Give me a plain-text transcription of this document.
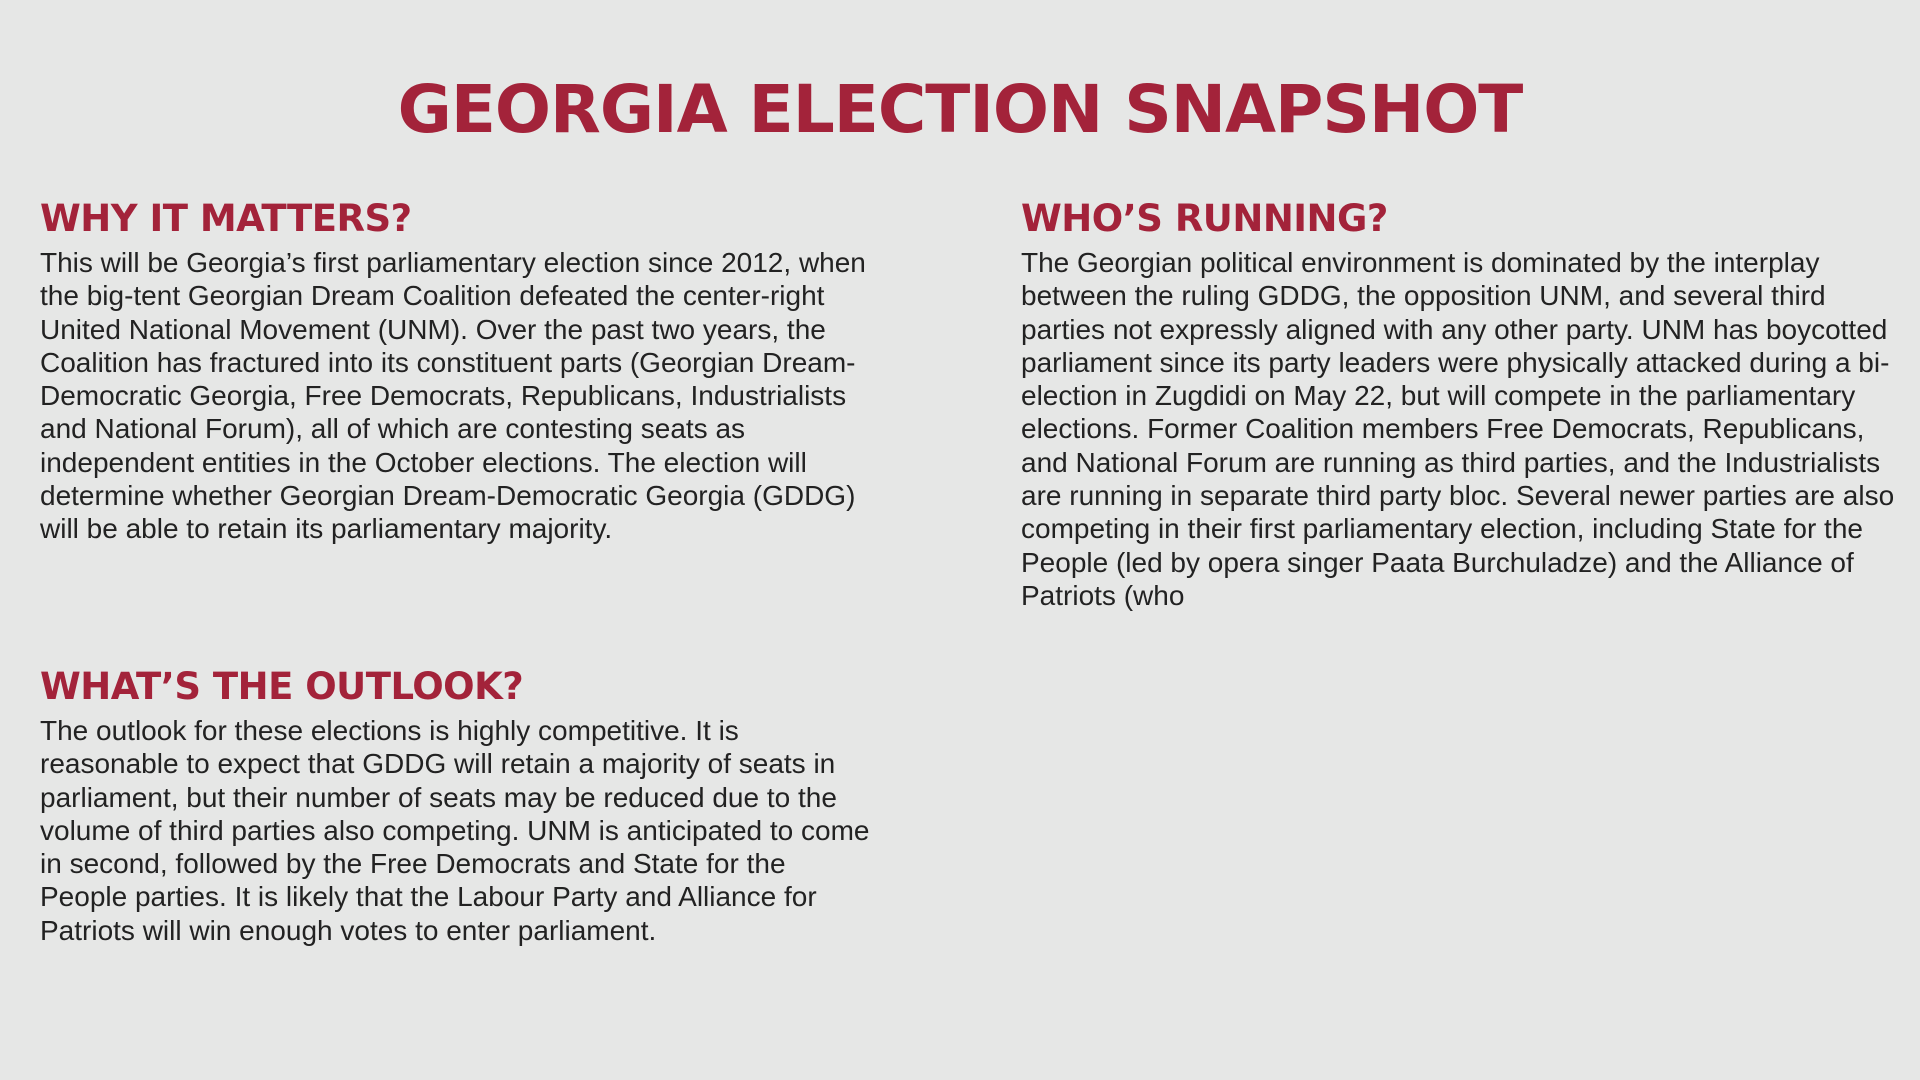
GEORGIA ELECTION SNAPSHOT
WHY IT MATTERS?

This will be Georgia’s first parliamentary election since 2012, when the big-tent Georgian Dream Coalition defeated the center-right United National Movement (UNM). Over the past two years, the Coalition has fractured into its constituent parts (Georgian Dream-Democratic Georgia, Free Democrats, Republicans, Industrialists and National Forum), all of which are contesting seats as independent entities in the October elections. The election will determine whether Georgian Dream-Democratic Georgia (GDDG) will be able to retain its parliamentary majority.

WHAT’S THE OUTLOOK?

The outlook for these elections is highly competitive. It is reasonable to expect that GDDG will retain a majority of seats in parliament, but their number of seats may be reduced due to the volume of third parties also competing. UNM is anticipated to come in second, followed by the Free Democrats and State for the People parties. It is likely that the Labour Party and Alliance for Patriots will win enough votes to enter parliament.

WHO’S RUNNING?

The Georgian political environment is dominated by the interplay between the ruling GDDG, the opposition UNM, and several third parties not expressly aligned with any other party. UNM has boycotted parliament since its party leaders were physically attacked during a bi-election in Zugdidi on May 22, but will compete in the parliamentary elections. Former Coalition members Free Democrats, Republicans, and National Forum are running as third parties, and the Industrialists are running in separate third party bloc. Several newer parties are also competing in their first parliamentary election, including State for the People (led by opera singer Paata Burchuladze) and the Alliance of Patriots (who
